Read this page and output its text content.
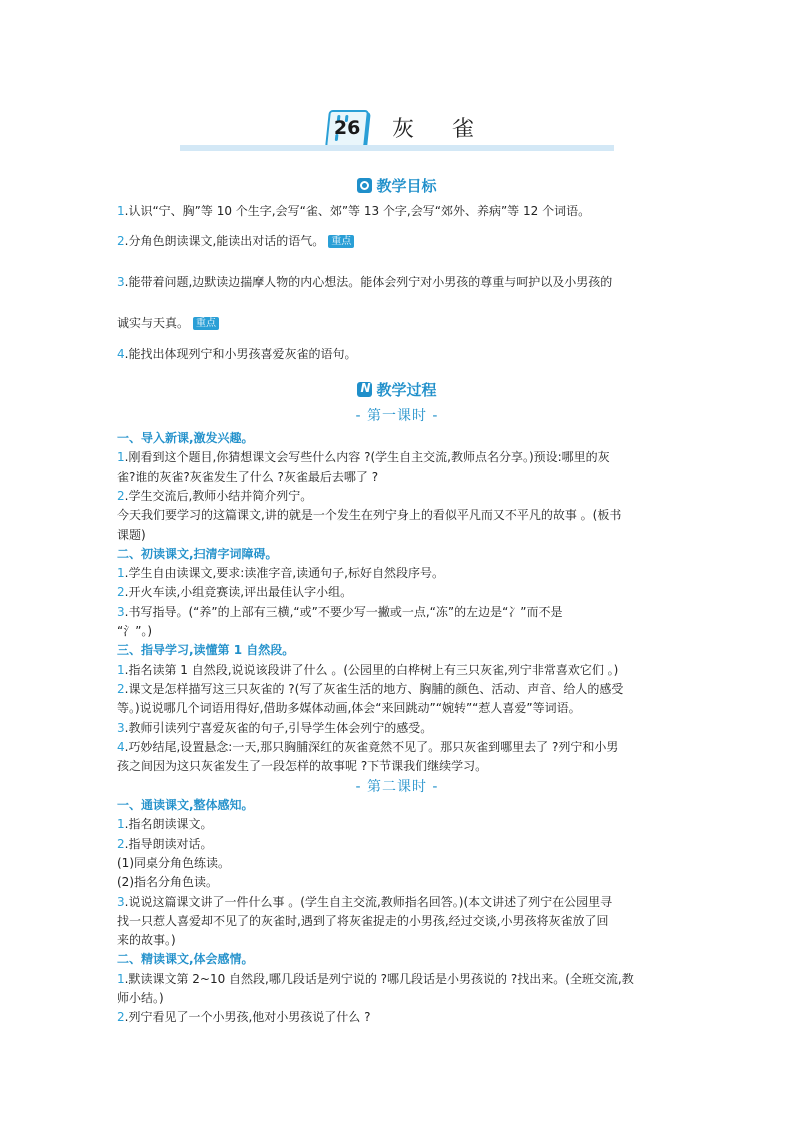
26 灰雀
教学目标
1.认识“宁、胸”等 10 个生字,会写“雀、郊”等 13 个字,会写“郊外、养病”等 12 个词语。
2.分角色朗读课文,能读出对话的语气。 重点
3.能带着问题,边默读边揣摩人物的内心想法。能体会列宁对小男孩的尊重与呵护以及小男孩的
诚实与天真。 重点
4.能找出体现列宁和小男孩喜爱灰雀的语句。
N教学过程
- 第一课时 -
一、导入新课,激发兴趣。
1.刚看到这个题目,你猜想课文会写些什么内容 ?(学生自主交流,教师点名分享。)预设:哪里的灰
雀?谁的灰雀?灰雀发生了什么 ?灰雀最后去哪了 ?
2.学生交流后,教师小结并简介列宁。
今天我们要学习的这篇课文,讲的就是一个发生在列宁身上的看似平凡而又不平凡的故事 。(板书
课题)
二、初读课文,扫清字词障碍。
1.学生自由读课文,要求:读准字音,读通句子,标好自然段序号。
2.开火车读,小组竞赛读,评出最佳认字小组。
3.书写指导。(“养”的上部有三横,“或”不要少写一撇或一点,“冻”的左边是“冫”而不是
“氵”。)
三、指导学习,读懂第 1 自然段。
1.指名读第 1 自然段,说说该段讲了什么 。(公园里的白桦树上有三只灰雀,列宁非常喜欢它们 。)
2.课文是怎样描写这三只灰雀的 ?(写了灰雀生活的地方、胸脯的颜色、活动、声音、给人的感受
等。)说说哪几个词语用得好,借助多媒体动画,体会“来回跳动”“婉转”“惹人喜爱”等词语。
3.教师引读列宁喜爱灰雀的句子,引导学生体会列宁的感受。
4.巧妙结尾,设置悬念:一天,那只胸脯深红的灰雀竟然不见了。那只灰雀到哪里去了 ?列宁和小男
孩之间因为这只灰雀发生了一段怎样的故事呢 ?下节课我们继续学习。
- 第二课时 -
一、通读课文,整体感知。
1.指名朗读课文。
2.指导朗读对话。
(1)同桌分角色练读。
(2)指名分角色读。
3.说说这篇课文讲了一件什么事 。(学生自主交流,教师指名回答。)(本文讲述了列宁在公园里寻
找一只惹人喜爱却不见了的灰雀时,遇到了将灰雀捉走的小男孩,经过交谈,小男孩将灰雀放了回
来的故事。)
二、精读课文,体会感情。
1.默读课文第 2~10 自然段,哪几段话是列宁说的 ?哪几段话是小男孩说的 ?找出来。(全班交流,教
师小结。)
2.列宁看见了一个小男孩,他对小男孩说了什么 ?
